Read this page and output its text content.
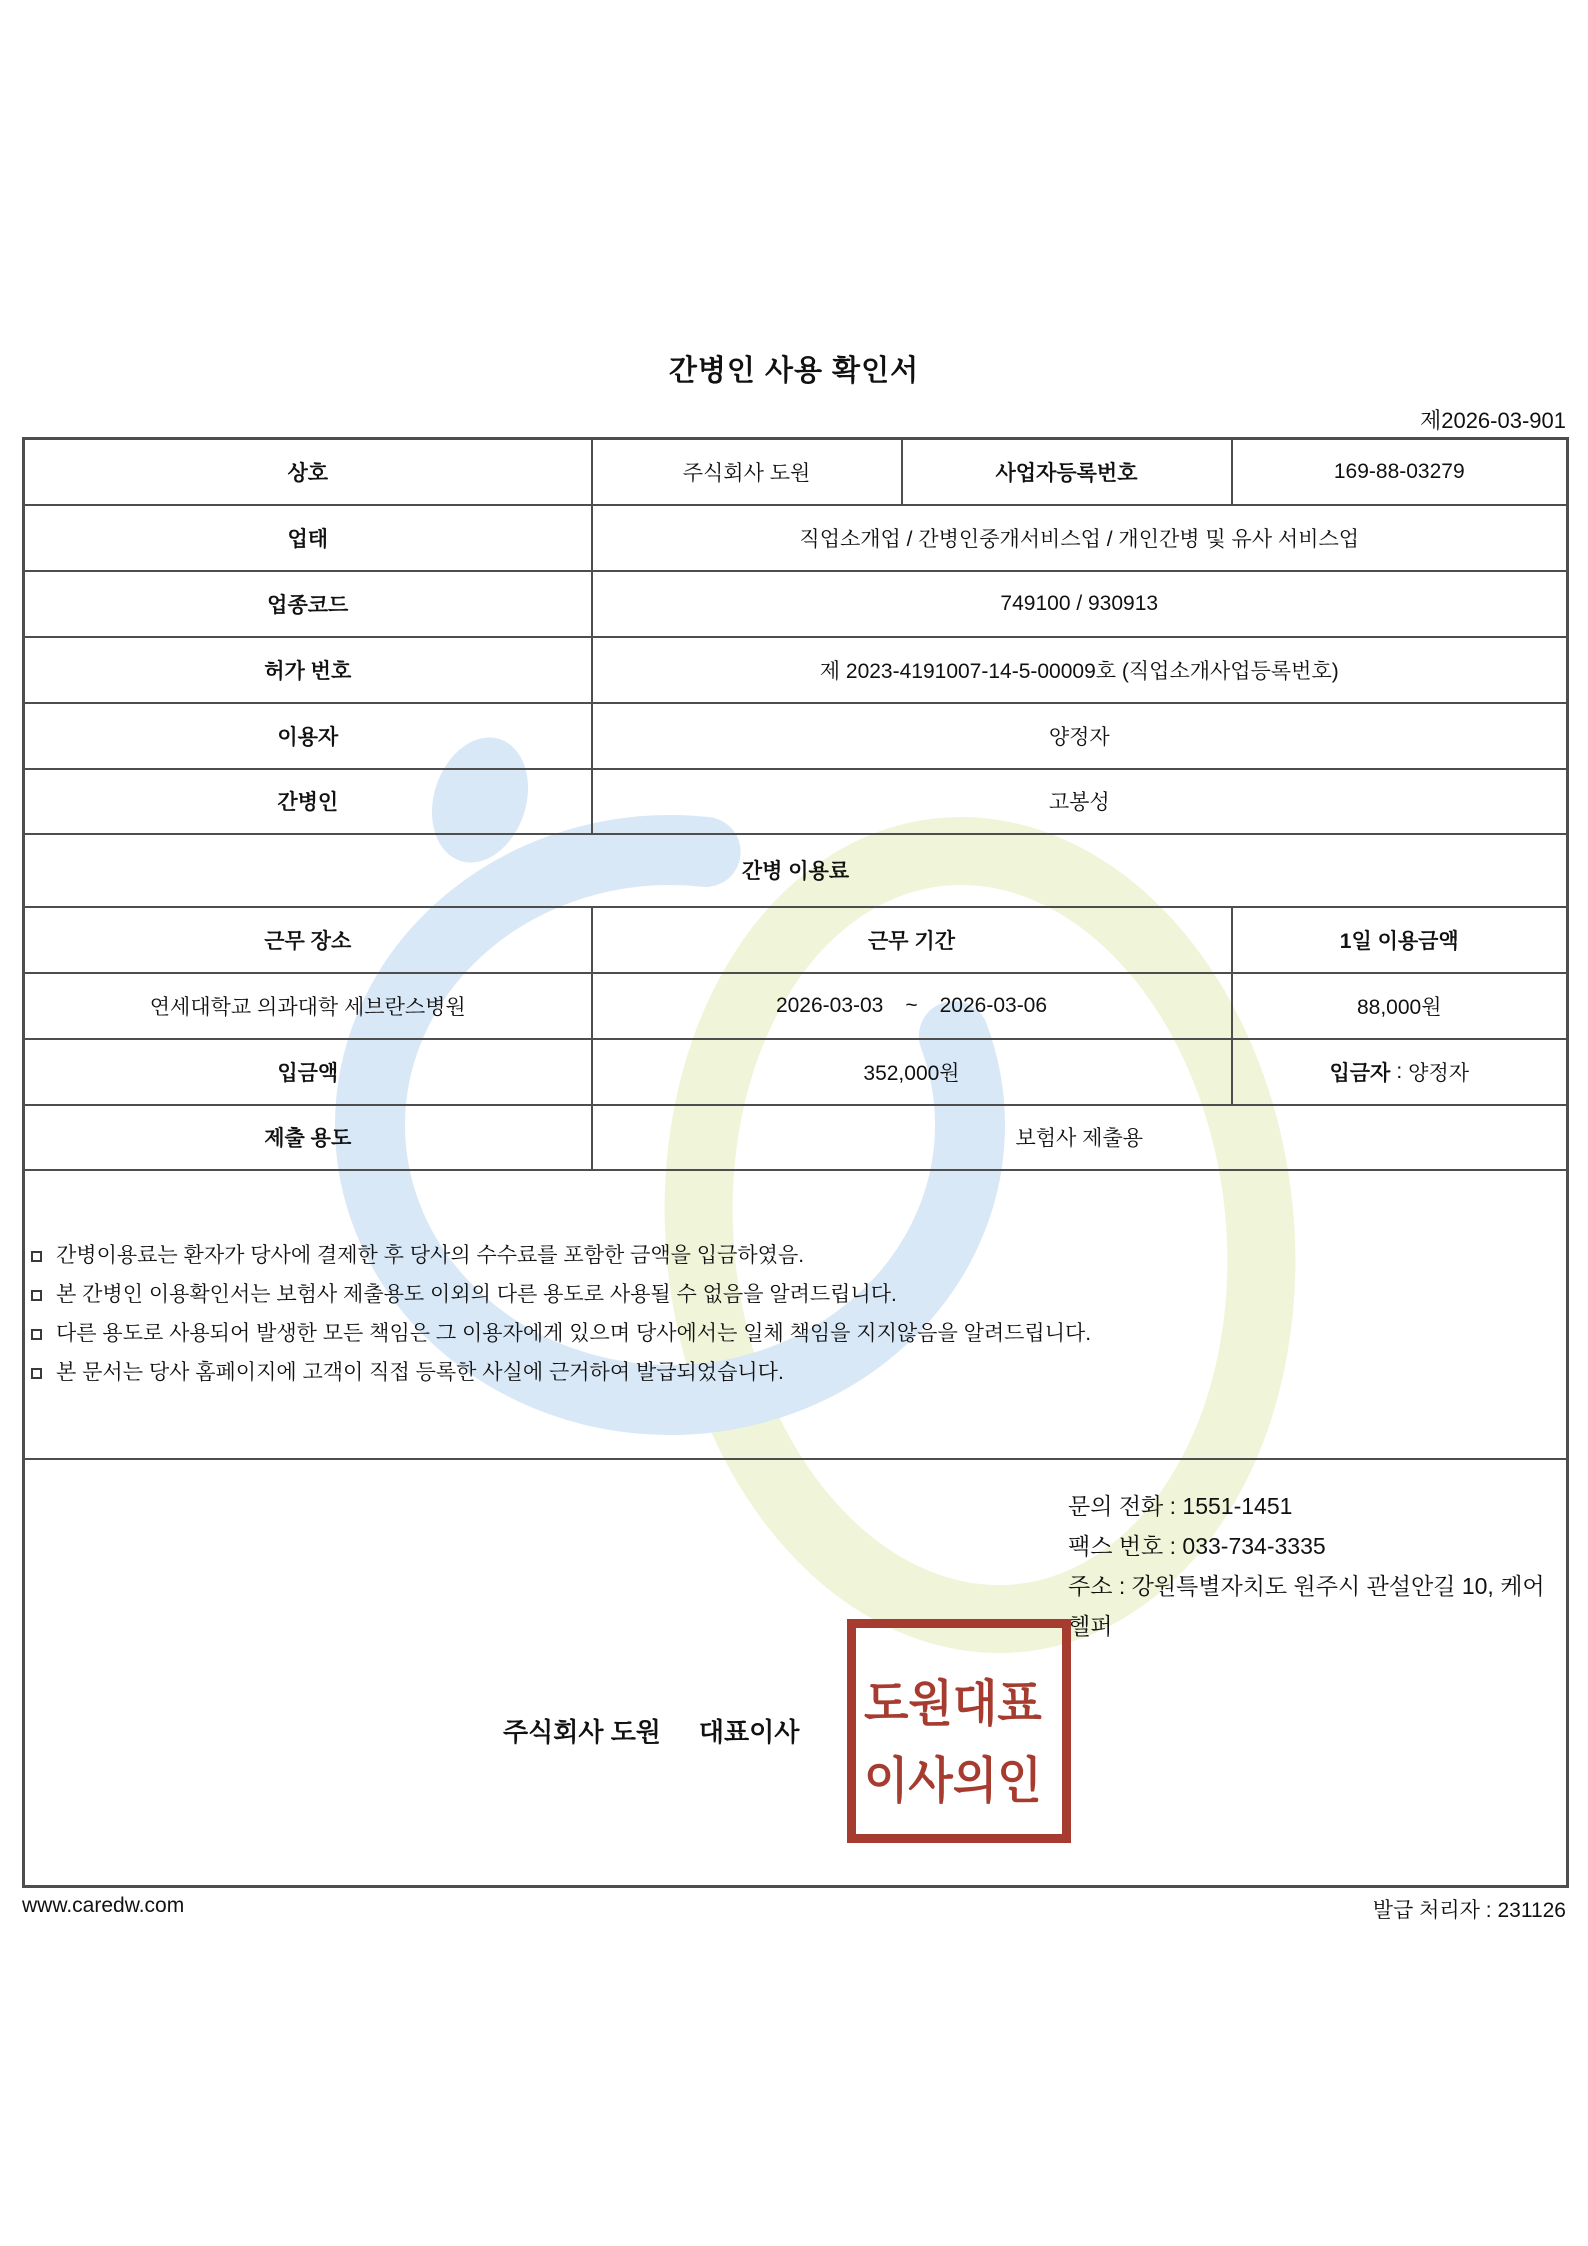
간병인 사용 확인서
제2026-03-901
상호	주식회사 도원	사업자등록번호	169-88-03279
업태	직업소개업 / 간병인중개서비스업 / 개인간병 및 유사 서비스업		
업종코드	749100 / 930913		
허가 번호	제 2023-4191007-14-5-00009호 (직업소개사업등록번호)		
이용자	양정자		
간병인	고봉성		
간병 이용료			
근무 장소	근무 기간		1일 이용금액
연세대학교 의과대학 세브란스병원	2026-03-03 ~ 2026-03-06		88,000원
입금액	352,000원		입금자 : 양정자

제출 용도	보험사 제출용		

간병이용료는 환자가 당사에 결제한 후 당사의 수수료를 포함한 금액을 입금하였음.
본 간병인 이용확인서는 보험사 제출용도 이외의 다른 용도로 사용될 수 없음을 알려드립니다.
다른 용도로 사용되어 발생한 모든 책임은 그 이용자에게 있으며 당사에서는 일체 책임을 지지않음을 알려드립니다.
본 문서는 당사 홈페이지에 고객이 직접 등록한 사실에 근거하여 발급되었습니다.			

문의 전화 : 1551-1451
팩스 번호 : 033-734-3335
주소 : 강원특별자치도 원주시 관설안길 10, 케어헬퍼
주식회사 도원 대표이사
도원대표
이사의인
www.caredw.com	발급 처리자 : 231126
